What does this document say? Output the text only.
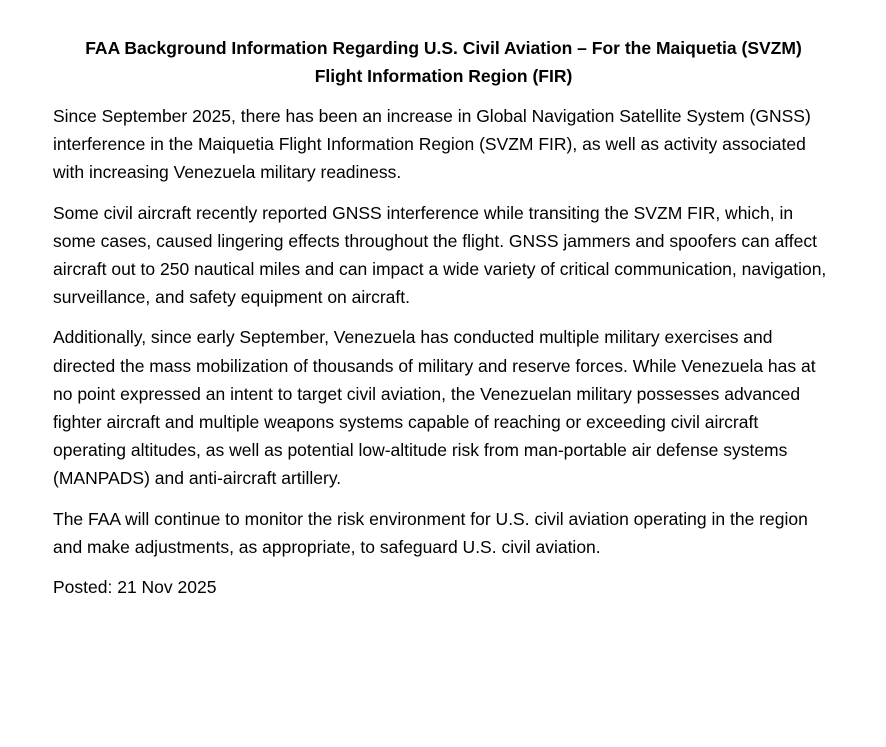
FAA Background Information Regarding U.S. Civil Aviation – For the Maiquetia (SVZM)
Flight Information Region (FIR)

Since September 2025, there has been an increase in Global Navigation Satellite System (GNSS) interference in the Maiquetia Flight Information Region (SVZM FIR), as well as activity associated with increasing Venezuela military readiness.

Some civil aircraft recently reported GNSS interference while transiting the SVZM FIR, which, in some cases, caused lingering effects throughout the flight. GNSS jammers and spoofers can affect aircraft out to 250 nautical miles and can impact a wide variety of critical communication, navigation, surveillance, and safety equipment on aircraft.

Additionally, since early September, Venezuela has conducted multiple military exercises and directed the mass mobilization of thousands of military and reserve forces. While Venezuela has at no point expressed an intent to target civil aviation, the Venezuelan military possesses advanced fighter aircraft and multiple weapons systems capable of reaching or exceeding civil aircraft operating altitudes, as well as potential low-altitude risk from man-portable air defense systems (MANPADS) and anti-aircraft artillery.

The FAA will continue to monitor the risk environment for U.S. civil aviation operating in the region and make adjustments, as appropriate, to safeguard U.S. civil aviation.

Posted: 21 Nov 2025
